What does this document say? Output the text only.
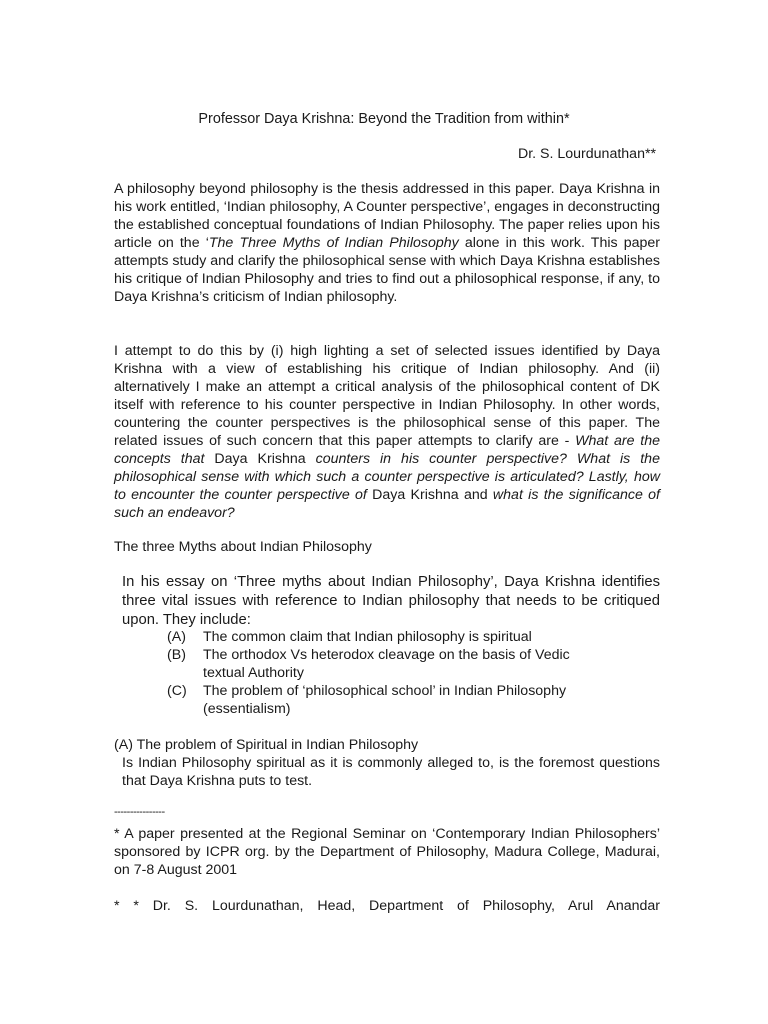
Professor Daya Krishna: Beyond the Tradition from within*

Dr. S. Lourdunathan**

A philosophy beyond philosophy is the thesis addressed in this paper. Daya Krishna in his work entitled, ‘Indian philosophy, A Counter perspective’, engages in deconstructing the established conceptual foundations of Indian Philosophy. The paper relies upon his article on the ‘The Three Myths of Indian Philosophy alone in this work. This paper attempts study and clarify the philosophical sense with which Daya Krishna establishes his critique of Indian Philosophy and tries to find out a philosophical response, if any, to Daya Krishna’s criticism of Indian philosophy.

I attempt to do this by (i) high lighting a set of selected issues identified by Daya Krishna with a view of establishing his critique of Indian philosophy. And (ii) alternatively I make an attempt a critical analysis of the philosophical content of DK itself with reference to his counter perspective in Indian Philosophy. In other words, countering the counter perspectives is the philosophical sense of this paper. The related issues of such concern that this paper attempts to clarify are - What are the concepts that Daya Krishna counters in his counter perspective? What is the philosophical sense with which such a counter perspective is articulated? Lastly, how to encounter the counter perspective of Daya Krishna and what is the significance of such an endeavor?

The three Myths about Indian Philosophy

In his essay on ‘Three myths about Indian Philosophy’, Daya Krishna identifies three vital issues with reference to Indian philosophy that needs to be critiqued upon. They include:

(A)	The common claim that Indian philosophy is spiritual
(B)	The orthodox Vs heterodox cleavage on the basis of Vedic textual Authority
(C)	The problem of ‘philosophical school’ in Indian Philosophy (essentialism)
(A) The problem of Spiritual in Indian Philosophy

Is Indian Philosophy spiritual as it is commonly alleged to, is the foremost questions that Daya Krishna puts to test.

----------------

* A paper presented at the Regional Seminar on ‘Contemporary Indian Philosophers’ sponsored by ICPR org. by the Department of Philosophy, Madura College, Madurai, on 7-8 August 2001

* * Dr. S. Lourdunathan, Head, Department of Philosophy, Arul Anandar
